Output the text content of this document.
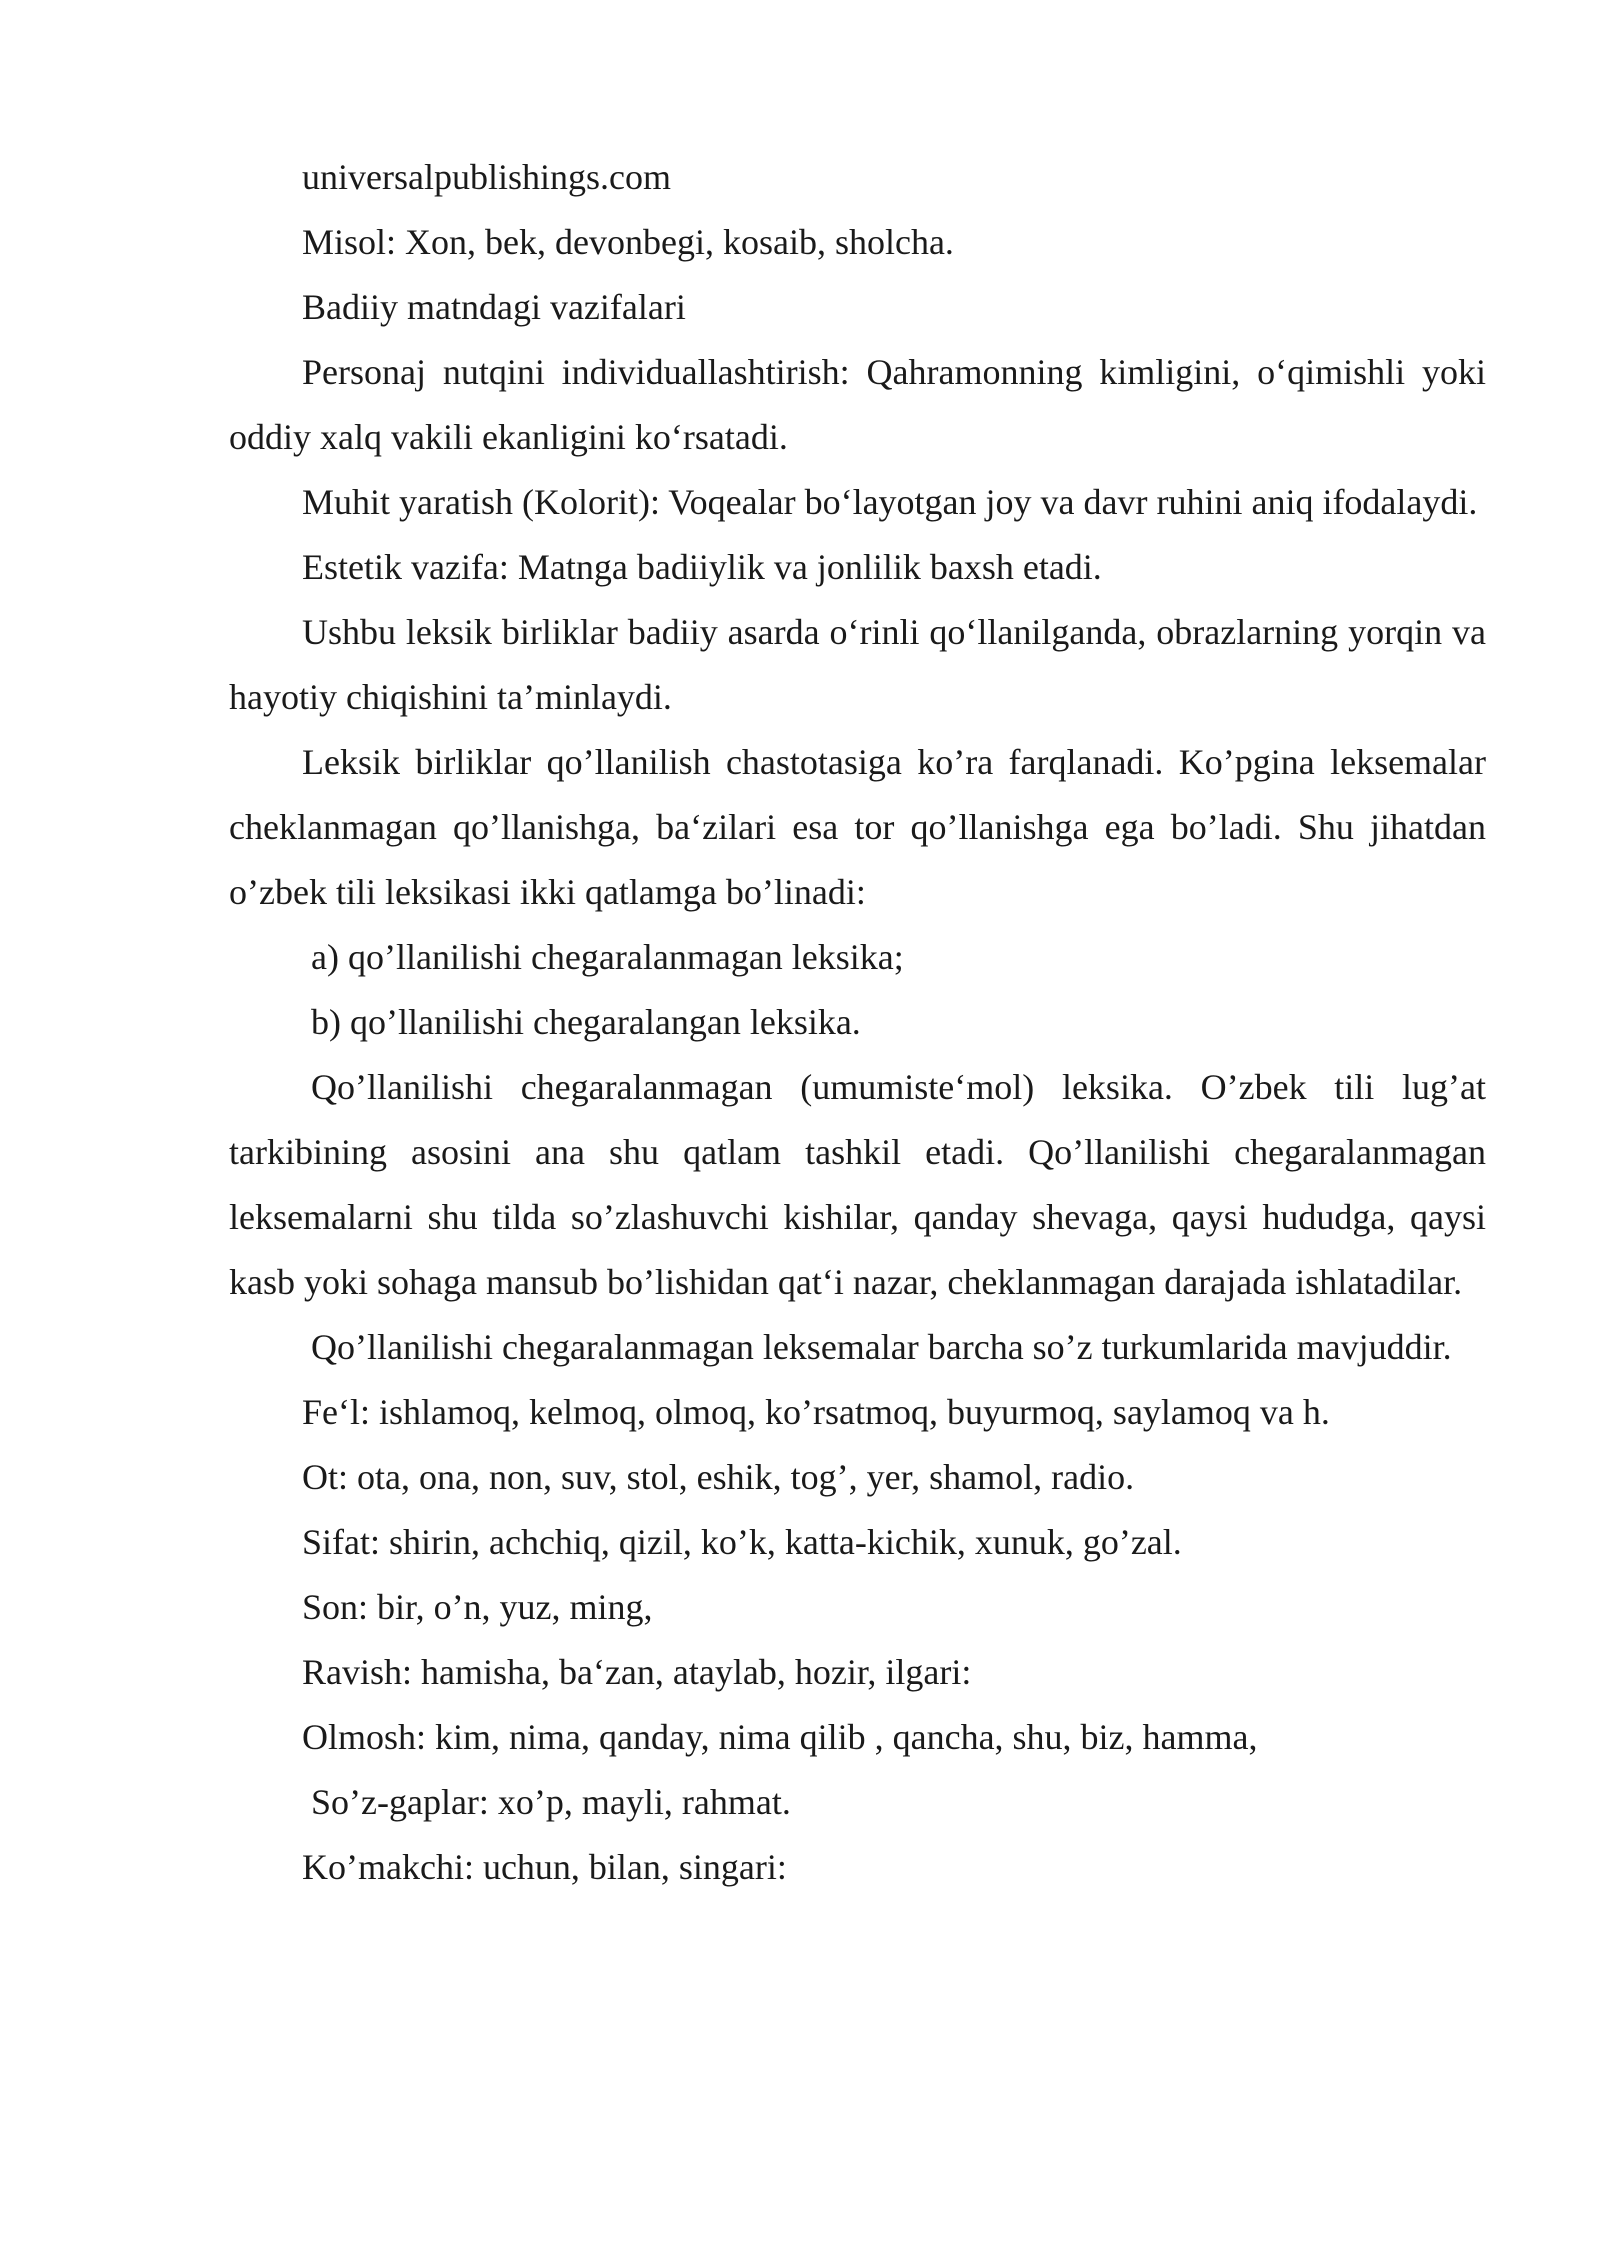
universalpublishings.com

Misol: Xon, bek, devonbegi, kosaib, sholcha.

Badiiy matndagi vazifalari

Personaj nutqini individuallashtirish: Qahramonning kimligini, o‘qimishli yoki oddiy xalq vakili ekanligini ko‘rsatadi.

Muhit yaratish (Kolorit): Voqealar bo‘layotgan joy va davr ruhini aniq ifodalaydi.

Estetik vazifa: Matnga badiiylik va jonlilik baxsh etadi.

Ushbu leksik birliklar badiiy asarda o‘rinli qo‘llanilganda, obrazlarning yorqin va hayotiy chiqishini ta’minlaydi.

Leksik birliklar qo’llanilish chastotasiga ko’ra farqlanadi. Ko’pgina leksemalar cheklanmagan qo’llanishga, ba‘zilari esa tor qo’llanishga ega bo’ladi. Shu jihatdan o’zbek tili leksikasi ikki qatlamga bo’linadi:

a) qo’llanilishi chegaralanmagan leksika;

b) qo’llanilishi chegaralangan leksika.

Qo’llanilishi chegaralanmagan (umumiste‘mol) leksika. O’zbek tili lug’at tarkibining asosini ana shu qatlam tashkil etadi. Qo’llanilishi chegaralanmagan leksemalarni shu tilda so’zlashuvchi kishilar, qanday shevaga, qaysi hududga, qaysi kasb yoki sohaga mansub bo’lishidan qat‘i nazar, cheklanmagan darajada ishlatadilar.

Qo’llanilishi chegaralanmagan leksemalar barcha so’z turkumlarida mavjuddir.

Fe‘l: ishlamoq, kelmoq, olmoq, ko’rsatmoq, buyurmoq, saylamoq va h.

Ot: ota, ona, non, suv, stol, eshik, tog’, yer, shamol, radio.

Sifat: shirin, achchiq, qizil, ko’k, katta-kichik, xunuk, go’zal.

Son: bir, o’n, yuz, ming,

Ravish: hamisha, ba‘zan, ataylab, hozir, ilgari:

Olmosh: kim, nima, qanday, nima qilib , qancha, shu, biz, hamma,

So’z-gaplar: xo’p, mayli, rahmat.

Ko’makchi: uchun, bilan, singari:
